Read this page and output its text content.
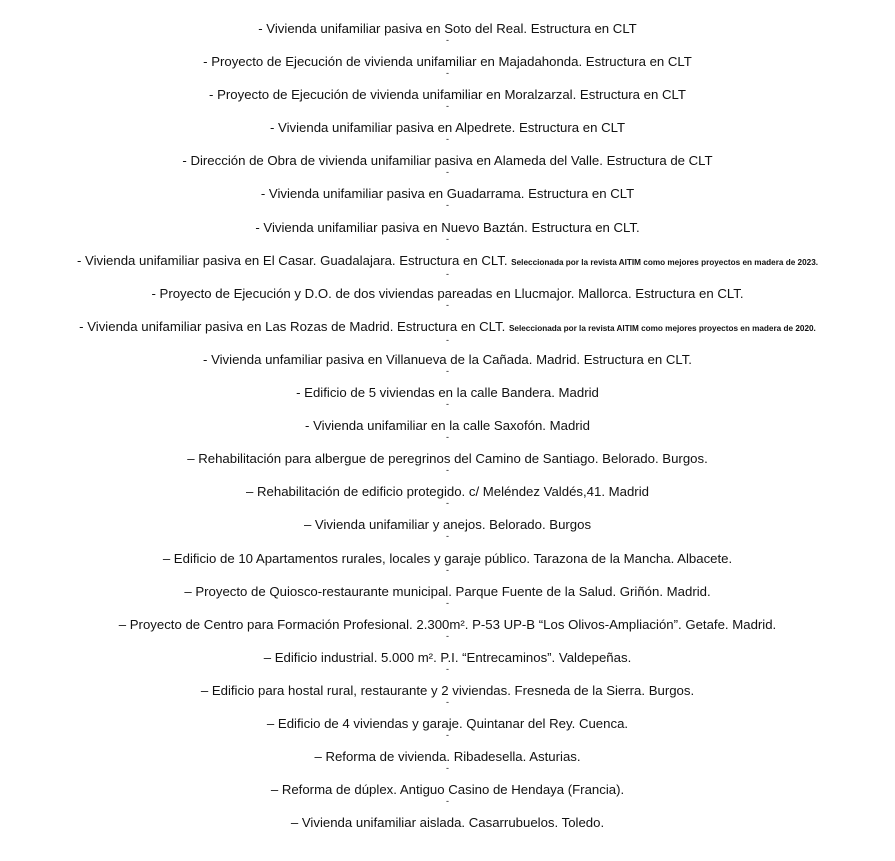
- Vivienda unifamiliar pasiva en Soto del Real. Estructura en CLT
-
- Proyecto de Ejecución de vivienda unifamiliar en Majadahonda. Estructura en CLT
-
- Proyecto de Ejecución de vivienda unifamiliar en Moralzarzal. Estructura en CLT
-
- Vivienda unifamiliar pasiva en Alpedrete. Estructura en CLT
-
- Dirección de Obra de vivienda unifamiliar pasiva en Alameda del Valle. Estructura de CLT
-
- Vivienda unifamiliar pasiva en Guadarrama. Estructura en CLT
-
- Vivienda unifamiliar pasiva en Nuevo Baztán. Estructura en CLT.
-
- Vivienda unifamiliar pasiva en El Casar. Guadalajara. Estructura en CLT. Seleccionada por la revista AITIM como mejores proyectos en madera de 2023.
-
- Proyecto de Ejecución y D.O. de dos viviendas pareadas en Llucmajor. Mallorca. Estructura en CLT.
-
- Vivienda unifamiliar pasiva en Las Rozas de Madrid. Estructura en CLT. Seleccionada por la revista AITIM como mejores proyectos en madera de 2020.
-
- Vivienda unfamiliar pasiva en Villanueva de la Cañada. Madrid. Estructura en CLT.
-
- Edificio de 5 viviendas en la calle Bandera. Madrid
-
- Vivienda unifamiliar en la calle Saxofón. Madrid
-
– Rehabilitación para albergue de peregrinos del Camino de Santiago. Belorado. Burgos.
-
– Rehabilitación de edificio protegido. c/ Meléndez Valdés,41. Madrid
-
– Vivienda unifamiliar y anejos. Belorado. Burgos
-
– Edificio de 10 Apartamentos rurales, locales y garaje público. Tarazona de la Mancha. Albacete.
-
– Proyecto de Quiosco-restaurante municipal. Parque Fuente de la Salud. Griñón. Madrid.
-
– Proyecto de Centro para Formación Profesional. 2.300m². P-53 UP-B “Los Olivos-Ampliación”. Getafe. Madrid.
-
– Edificio industrial. 5.000 m². P.I. “Entrecaminos”. Valdepeñas.
-
– Edificio para hostal rural, restaurante y 2 viviendas. Fresneda de la Sierra. Burgos.
-
– Edificio de 4 viviendas y garaje. Quintanar del Rey. Cuenca.
-
– Reforma de vivienda. Ribadesella. Asturias.
-
– Reforma de dúplex. Antiguo Casino de Hendaya (Francia).
-
– Vivienda unifamiliar aislada. Casarrubuelos. Toledo.
